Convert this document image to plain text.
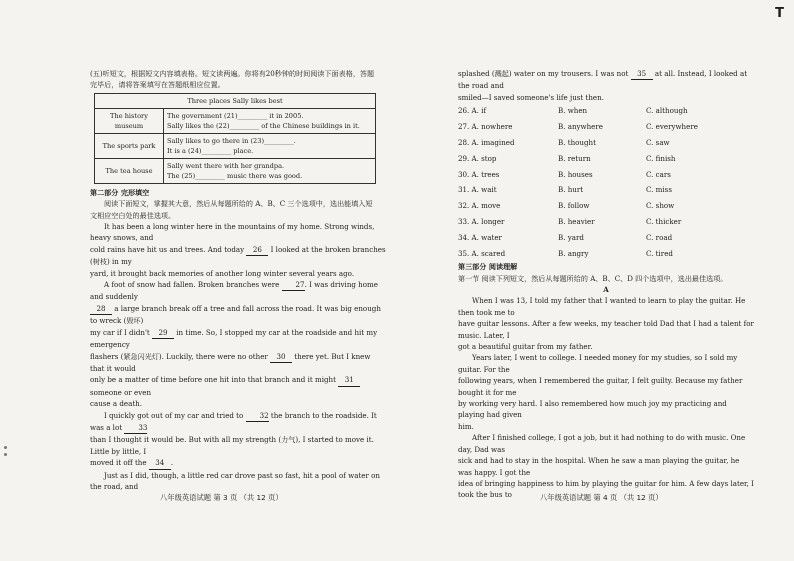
T

(五)听短文，根据短文内容填表格。短文读两遍。你将有20秒钟的时间阅读下面表格，答题

完毕后，请将答案填写在答题纸相应位置。

Three places Sally likes best	
The history museum	The government (21)_________ it in 2005.
Sally likes the (22)_________ of the Chinese buildings in it.

The sports park	Sally likes to go there in (23)_________.
It is a (24)_________ place.

The tea house	Sally went there with her grandpa.
The (25)_________ music there was good.

第二部分 完形填空

阅读下面短文，掌握其大意，然后从每题所给的 A、B、C 三个选项中，选出能填入短

文相应空白处的最佳选项。

It has been a long winter here in the mountains of my home. Strong winds, heavy snows, and

cold rains have hit us and trees. And today 26 I looked at the broken branches (树枝) in my

yard, it brought back memories of another long winter several years ago.

A foot of snow had fallen. Broken branches were 27. I was driving home and suddenly

28 a large branch break off a tree and fall across the road. It was big enough to wreck (毁坏)

my car if I didn't 29 in time. So, I stopped my car at the roadside and hit my emergency

flashers (紧急闪光灯). Luckily, there were no other 30 there yet. But I knew that it would

only be a matter of time before one hit into that branch and it might 31 someone or even

cause a death.

I quickly got out of my car and tried to 32 the branch to the roadside. It was a lot 33

than I thought it would be. But with all my strength (力气), I started to move it. Little by little, I

moved it off the 34 .

Just as I did, though, a little red car drove past so fast, hit a pool of water on the road, and

八年级英语试题 第 3 页 （共 12 页）

splashed (溅起) water on my trousers. I was not 35 at all. Instead, I looked at the road and

smiled—I saved someone's life just then.

26. A. if	B. when	C. although
27. A. nowhere	B. anywhere	C. everywhere
28. A. imagined	B. thought	C. saw
29. A. stop	B. return	C. finish
30. A. trees	B. houses	C. cars
31. A. wait	B. hurt	C. miss
32. A. move	B. follow	C. show
33. A. longer	B. heavier	C. thicker
34. A. water	B. yard	C. road
35. A. scared	B. angry	C. tired

第三部分 阅读理解

第一节 阅读下列短文，然后从每题所给的 A、B、C、D 四个选项中，选出最佳选项。

A

When I was 13, I told my father that I wanted to learn to play the guitar. He then took me to

have guitar lessons. After a few weeks, my teacher told Dad that I had a talent for music. Later, I

got a beautiful guitar from my father.

Years later, I went to college. I needed money for my studies, so I sold my guitar. For the

following years, when I remembered the guitar, I felt guilty. Because my father bought it for me

by working very hard. I also remembered how much joy my practicing and playing had given

him.

After I finished college, I got a job, but it had nothing to do with music. One day, Dad was

sick and had to stay in the hospital. When he saw a man playing the guitar, he was happy. I got the

idea of bringing happiness to him by playing the guitar for him. A few days later, I took the bus to	八年级英语试题 第 4 页 （共 12 页）
